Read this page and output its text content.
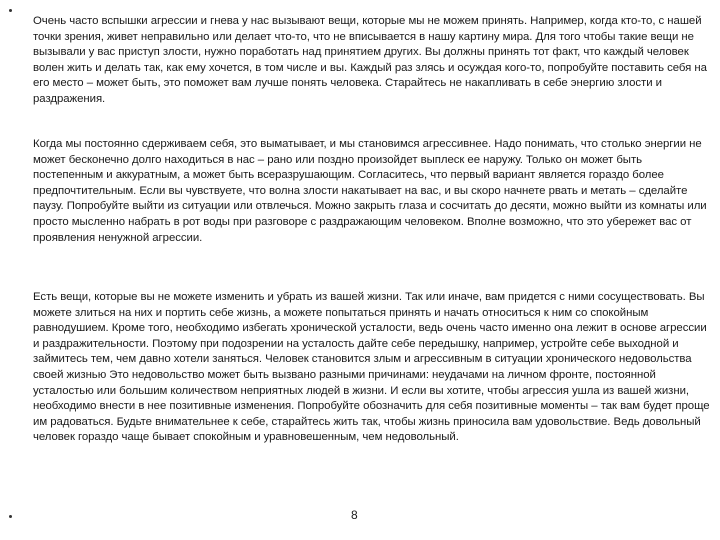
Очень часто вспышки агрессии и гнева у нас вызывают вещи, которые мы не можем принять. Например, когда кто-то, с нашей точки зрения, живет неправильно или делает что-то, что не вписывается в нашу картину мира. Для того чтобы такие вещи не вызывали у вас приступ злости, нужно поработать над принятием других. Вы должны принять тот факт, что каждый человек волен жить и делать так, как ему хочется, в том числе и вы. Каждый раз злясь и осуждая кого-то, попробуйте поставить себя на его место – может быть, это поможет вам лучше понять человека. Старайтесь не накапливать в себе энергию злости и раздражения.

Когда мы постоянно сдерживаем себя, это выматывает, и мы становимся агрессивнее. Надо понимать, что столько энергии не может бесконечно долго находиться в нас – рано или поздно произойдет выплеск ее наружу. Только он может быть постепенным и аккуратным, а может быть всеразрушающим. Согласитесь, что первый вариант является гораздо более предпочтительным. Если вы чувствуете, что волна злости накатывает на вас, и вы скоро начнете рвать и метать – сделайте паузу. Попробуйте выйти из ситуации или отвлечься. Можно закрыть глаза и сосчитать до десяти, можно выйти из комнаты или просто мысленно набрать в рот воды при разговоре с раздражающим человеком. Вполне возможно, что это убережет вас от проявления ненужной агрессии.

Есть вещи, которые вы не можете изменить и убрать из вашей жизни. Так или иначе, вам придется с ними сосуществовать. Вы можете злиться на них и портить себе жизнь, а можете попытаться принять и начать относиться к ним со спокойным равнодушием. Кроме того, необходимо избегать хронической усталости, ведь очень часто именно она лежит в основе агрессии и раздражительности. Поэтому при подозрении на усталость дайте себе передышку, например, устройте себе выходной и займитесь тем, чем давно хотели заняться. Человек становится злым и агрессивным в ситуации хронического недовольства своей жизнью Это недовольство может быть вызвано разными причинами: неудачами на личном фронте, постоянной усталостью или большим количеством неприятных людей в жизни. И если вы хотите, чтобы агрессия ушла из вашей жизни, необходимо внести в нее позитивные изменения. Попробуйте обозначить для себя позитивные моменты – так вам будет проще им радоваться. Будьте внимательнее к себе, старайтесь жить так, чтобы жизнь приносила вам удовольствие. Ведь довольный человек гораздо чаще бывает спокойным и уравновешенным, чем недовольный.

8
